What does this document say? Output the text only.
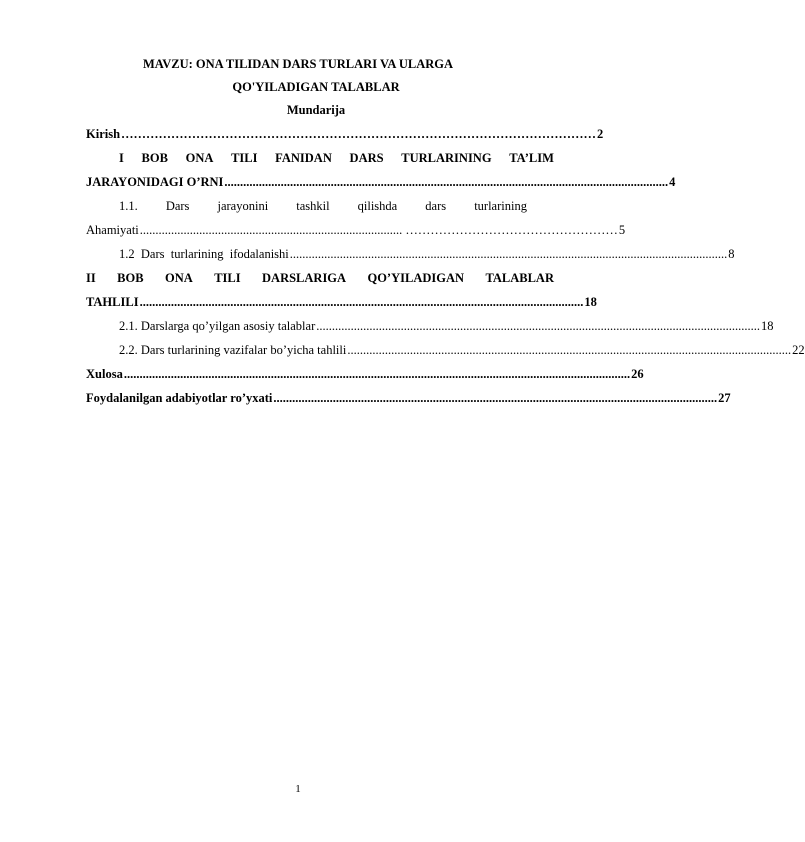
MAVZU: ONA TILIDAN DARS TURLARI VA ULARGA
QO'YILADIGAN TALABLAR
Mundarija
Kirish …………………………………………………………………………………………………… 2
I BOB ONA TILI FANIDAN DARS TURLARINING TA’LIM
JARAYONIDAGI O’RNI .............................................................................................................................................. 4
1.1. Dars jarayonini tashkil qilishda dars turlarining
Ahamiyati .................................................................................... …………………………………………… 5
1.2  Dars  turlarining  ifodalanishi ............................................................................................................................................ 8
II BOB ONA TILI DARSLARIGA QO’YILADIGAN TALABLAR
TAHLILI .............................................................................................................................................. 18
2.1. Darslarga qo’yilgan asosiy talablar .............................................................................................................................................. 18
2.2. Dars turlarining vazifalar bo’yicha tahlili .............................................................................................................................................. 22
Xulosa .................................................................................................................................................................. 26
Foydalanilgan adabiyotlar ro’yxati .............................................................................................................................................. 27
1
